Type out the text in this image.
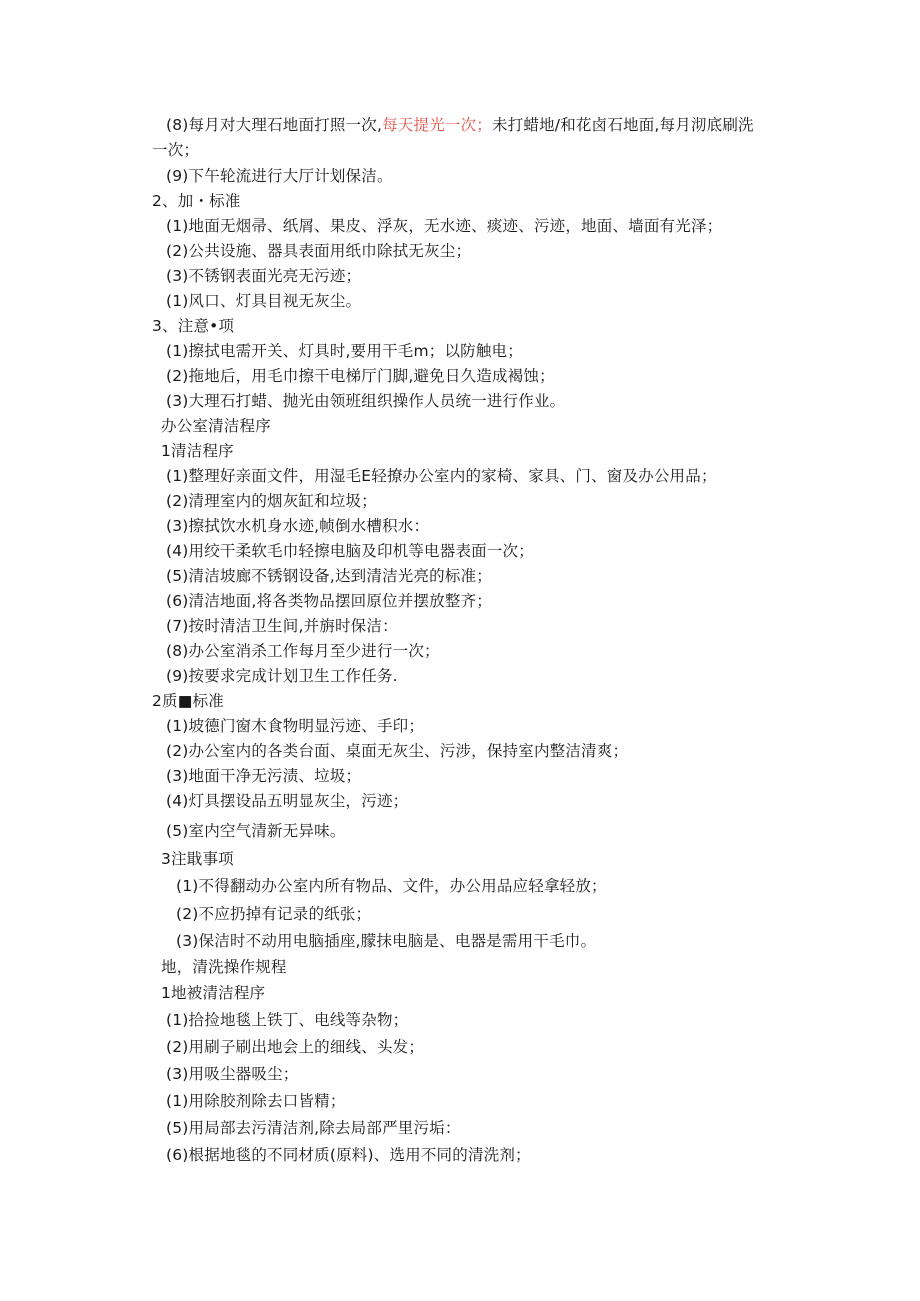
(8)每月对大理石地面打照一次,每天提光一次；未打蜡地/和花卤石地面,每月沏底刷洗
一次；
(9)下午轮流进行大厅计划保洁。
2、加・标准
(1)地面无烟帚、纸屑、果皮、浮灰，无水迹、痰迹、污迹，地面、墙面有光泽；
(2)公共设施、器具表面用纸巾除拭无灰尘；
(3)不锈钢表面光亮无污迹；
(1)风口、灯具目视无灰尘。
3、注意•项
(1)擦拭电需开关、灯具时,要用干毛m；以防触电；
(2)拖地后，用毛巾擦干电梯厅门脚,避免日久造成褐蚀；
(3)大理石打蜡、抛光由领班组织操作人员统一进行作业。
办公室清洁程序
1清洁程序
(1)整理好亲面文件，用湿毛E轻撩办公室内的家椅、家具、门、窗及办公用品；
(2)清理室内的烟灰缸和垃圾；
(3)擦拭饮水机身水迹,帧倒水槽积水：
(4)用绞干柔软毛巾轻擦电脑及印机等电器表面一次；
(5)清洁坡廊不锈钢设备,达到清洁光亮的标准；
(6)清洁地面,将各类物品摆回原位并摆放整齐；
(7)按时清洁卫生间,并旃时保洁：
(8)办公室消杀工作每月至少进行一次；
(9)按要求完成计划卫生工作任务.
2质■标准
(1)坡德门窗木食物明显污迹、手印；
(2)办公室内的各类台面、桌面无灰尘、污涉，保持室内整洁清爽；
(3)地面干净无污渍、垃圾；
(4)灯具摆设品五明显灰尘，污迹；
(5)室内空气清新无异味。
3注戢事项
(1)不得翻动办公室内所有物品、文件，办公用品应轻拿轻放；
(2)不应扔掉有记录的纸张；
(3)保洁时不动用电脑插座,朦抹电脑是、电器是需用干毛巾。
地，清洗操作规程
1地被清洁程序
(1)拾捡地毯上铁丁、电线等杂物；
(2)用刷子刷出地会上的细线、头发；
(3)用吸尘器吸尘；
(1)用除胶剂除去口皆精；
(5)用局部去污清洁剂,除去局部严里污垢：
(6)根据地毯的不同材质(原料)、选用不同的清洗剂；
